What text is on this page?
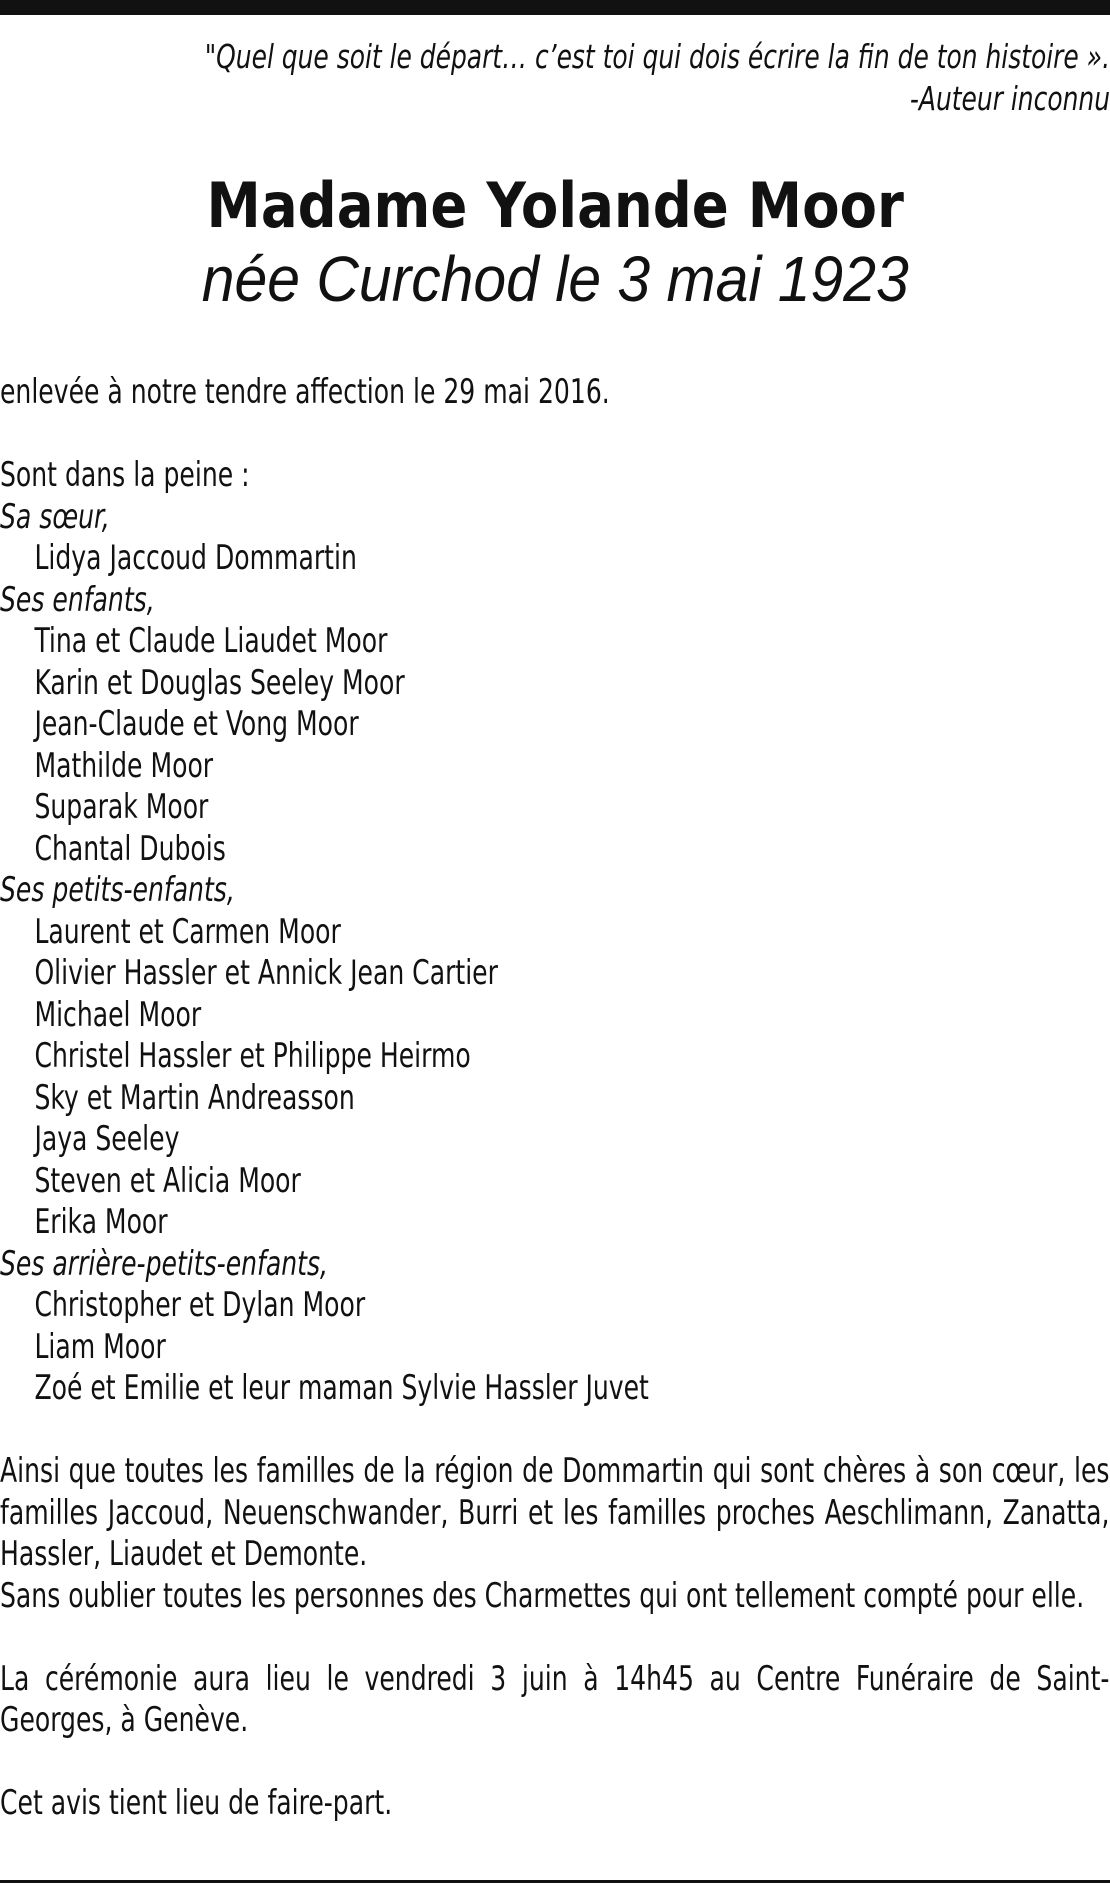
"Quel que soit le départ… c’est toi qui dois écrire la fin de ton histoire ».
-Auteur inconnu
Madame Yolande Moor
née Curchod le 3 mai 1923
enlevée à notre tendre affection le 29 mai 2016.
Sont dans la peine :
Sa sœur,
Lidya Jaccoud Dommartin
Ses enfants,
Tina et Claude Liaudet Moor
Karin et Douglas Seeley Moor
Jean-Claude et Vong Moor
Mathilde Moor
Suparak Moor
Chantal Dubois
Ses petits-enfants,
Laurent et Carmen Moor
Olivier Hassler et Annick Jean Cartier
Michael Moor
Christel Hassler et Philippe Heirmo
Sky et Martin Andreasson
Jaya Seeley
Steven et Alicia Moor
Erika Moor
Ses arrière-petits-enfants,
Christopher et Dylan Moor
Liam Moor
Zoé et Emilie et leur maman Sylvie Hassler Juvet
Ainsi que toutes les familles de la région de Dommartin qui sont chères à son cœur, les familles Jaccoud, Neuenschwander, Burri et les familles proches Aeschlimann, Zanatta, Hassler, Liaudet et Demonte.
Sans oublier toutes les personnes des Charmettes qui ont tellement compté pour elle.
La cérémonie aura lieu le vendredi 3 juin à 14h45 au Centre Funéraire de Saint-Georges, à Genève.
Cet avis tient lieu de faire-part.
